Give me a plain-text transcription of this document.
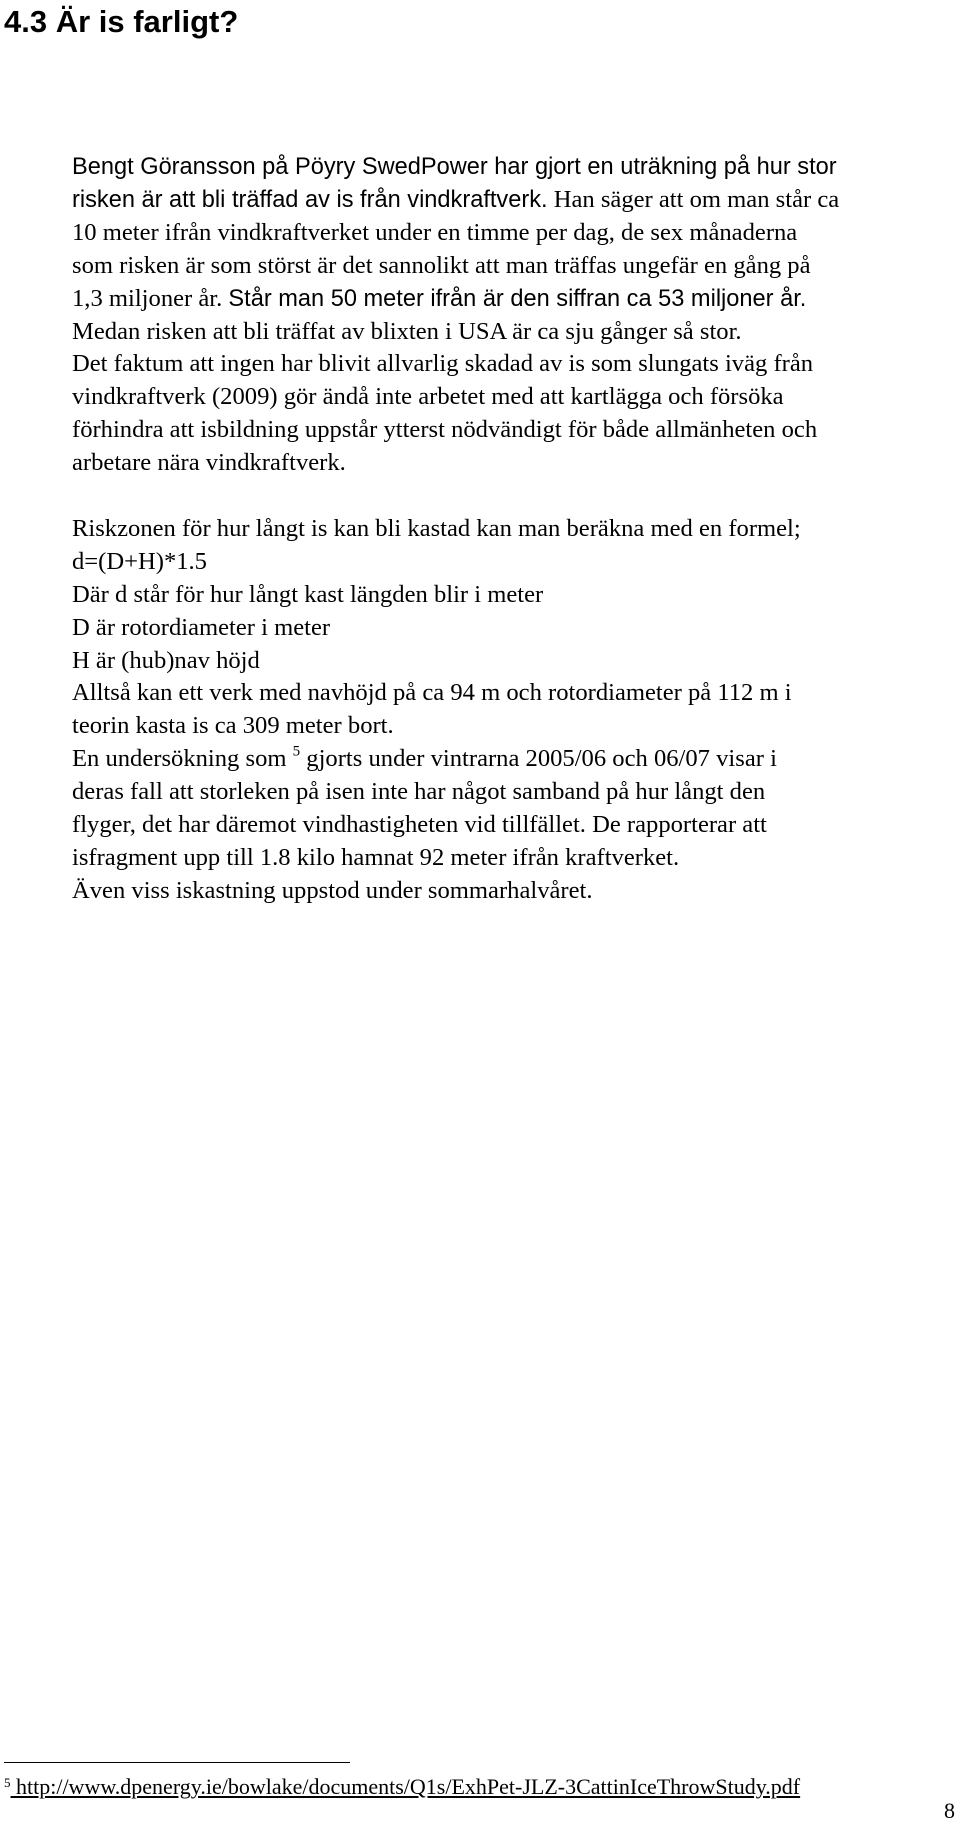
4.3 Är is farligt?
Bengt Göransson på Pöyry SwedPower har gjort en uträkning på hur stor
risken är att bli träffad av is från vindkraftverk. Han säger att om man står ca
10 meter ifrån vindkraftverket under en timme per dag, de sex månaderna
som risken är som störst är det sannolikt att man träffas ungefär en gång på
1,3 miljoner år. Står man 50 meter ifrån är den siffran ca 53 miljoner år.
Medan risken att bli träffat av blixten i USA är ca sju gånger så stor.
Det faktum att ingen har blivit allvarlig skadad av is som slungats iväg från
vindkraftverk (2009) gör ändå inte arbetet med att kartlägga och försöka
förhindra att isbildning uppstår ytterst nödvändigt för både allmänheten och
arbetare nära vindkraftverk.
Riskzonen för hur långt is kan bli kastad kan man beräkna med en formel;
d=(D+H)*1.5
Där d står för hur långt kast längden blir i meter
D är rotordiameter i meter
H är (hub)nav höjd
Alltså kan ett verk med navhöjd på ca 94 m och rotordiameter på 112 m i
teorin kasta is ca 309 meter bort.
En undersökning som $^5$ gjorts under vintrarna 2005/06 och 06/07 visar i
deras fall att storleken på isen inte har något samband på hur långt den
flyger, det har däremot vindhastigheten vid tillfället. De rapporterar att
isfragment upp till 1.8 kilo hamnat 92 meter ifrån kraftverket.
Även viss iskastning uppstod under sommarhalvåret.
$^5$ http://www.dpenergy.ie/bowlake/documents/Q1s/ExhPet-JLZ-3CattinIceThrowStudy.pdf
8
